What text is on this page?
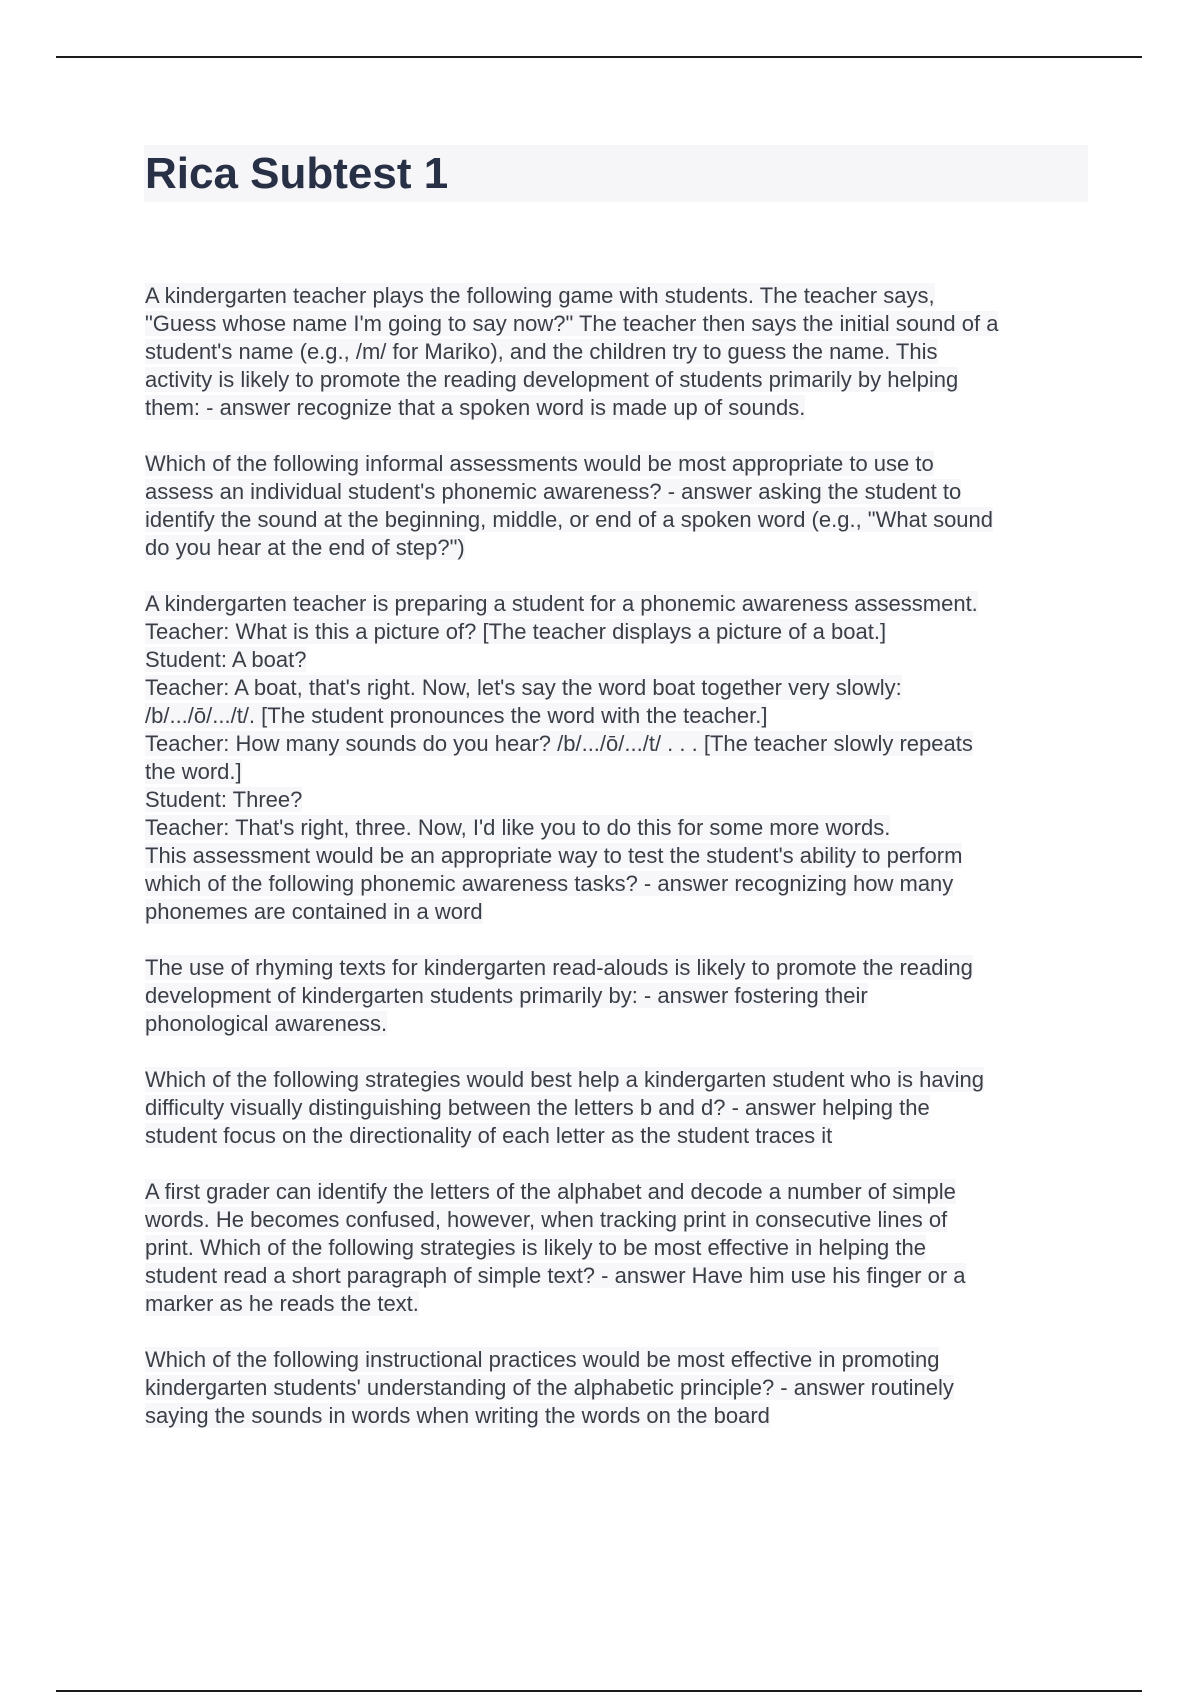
Rica Subtest 1
A kindergarten teacher plays the following game with students. The teacher says,
"Guess whose name I'm going to say now?" The teacher then says the initial sound of a
student's name (e.g., /m/ for Mariko), and the children try to guess the name. This
activity is likely to promote the reading development of students primarily by helping
them: - answer recognize that a spoken word is made up of sounds.
Which of the following informal assessments would be most appropriate to use to
assess an individual student's phonemic awareness? - answer asking the student to
identify the sound at the beginning, middle, or end of a spoken word (e.g., "What sound
do you hear at the end of step?")
A kindergarten teacher is preparing a student for a phonemic awareness assessment.
Teacher: What is this a picture of? [The teacher displays a picture of a boat.]
Student: A boat?
Teacher: A boat, that's right. Now, let's say the word boat together very slowly:
/b/.../ō/.../t/. [The student pronounces the word with the teacher.]
Teacher: How many sounds do you hear? /b/.../ō/.../t/ . . . [The teacher slowly repeats
the word.]
Student: Three?
Teacher: That's right, three. Now, I'd like you to do this for some more words.
This assessment would be an appropriate way to test the student's ability to perform
which of the following phonemic awareness tasks? - answer recognizing how many
phonemes are contained in a word
The use of rhyming texts for kindergarten read-alouds is likely to promote the reading
development of kindergarten students primarily by: - answer fostering their
phonological awareness.
Which of the following strategies would best help a kindergarten student who is having
difficulty visually distinguishing between the letters b and d? - answer helping the
student focus on the directionality of each letter as the student traces it
A first grader can identify the letters of the alphabet and decode a number of simple
words. He becomes confused, however, when tracking print in consecutive lines of
print. Which of the following strategies is likely to be most effective in helping the
student read a short paragraph of simple text? - answer Have him use his finger or a
marker as he reads the text.
Which of the following instructional practices would be most effective in promoting
kindergarten students' understanding of the alphabetic principle? - answer routinely
saying the sounds in words when writing the words on the board
